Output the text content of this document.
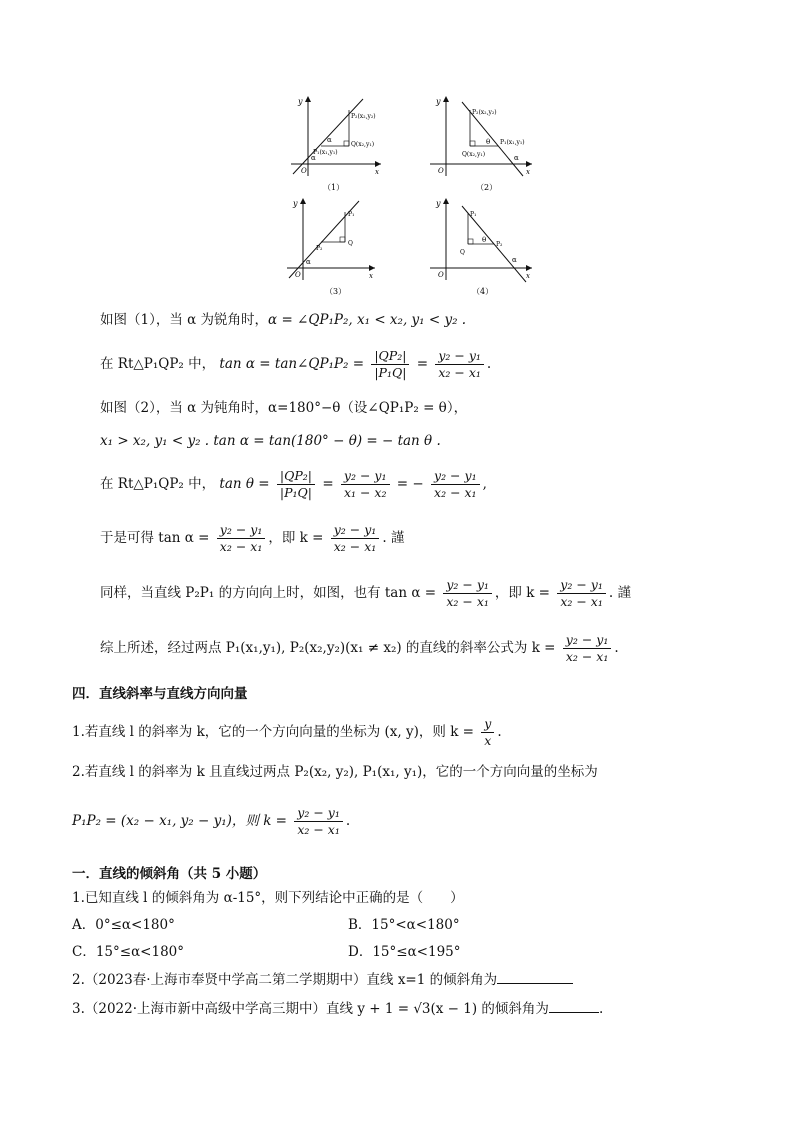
y
O	x
α
α
P₁(x₁,y₁)
P₂(x₂,y₂)
Q(x₂,y₁)
（1）
y
O	x
P₂(x₂,y₂)
θ P₁(x₁,y₁)
Q(x₂,y₁)	α
（2）
y
O	x
α
P₁
P₂
Q
（3）
y
O	x
P₁
Q
θ
P₂
α
（4）
如图（1），当 α 为锐角时，α = ∠QP₁P₂, x₁ < x₂, y₁ < y₂ .
在 Rt△P₁QP₂ 中， tan α = tan∠QP₁P₂ = $\frac{\text{|QP₂|}}{\text{|P₁Q|}} = \frac{\text{y₂ − y₁}}{\text{x₂ − x₁}}$ .
如图（2），当 α 为钝角时，α=180°−θ（设∠QP₁P₂ = θ），
x₁ > x₂, y₁ < y₂ . tan α = tan(180° − θ) = − tan θ .
在 Rt△P₁QP₂ 中， $\tan \theta = \frac{\text{|QP₂|}}{\text{|P₁Q|}} = \frac{\text{y₂ − y₁}}{\text{x₁ − x₂}}$ = − $\frac{\text{y₂ − y₁}}{\text{x₂ − x₁}}$ ,
于是可得 $\tan \alpha = \frac{\text{y₂ − y₁}}{\text{x₂ − x₁}}$ ，即 $k = \frac{\text{y₂ − y₁}}{\text{x₂ − x₁}}$ . 謹
同样，当直线 P₂P₁ 的方向向上时，如图，也有 $\tan \alpha = \frac{\text{y₂ − y₁}}{\text{x₂ − x₁}}$ ，即 $k = \frac{\text{y₂ − y₁}}{\text{x₂ − x₁}}$ . 謹
综上所述，经过两点 P₁(x₁,y₁), P₂(x₂,y₂)(x₁ ≠ x₂) 的直线的斜率公式为 $k = \frac{\text{y₂ − y₁}}{\text{x₂ − x₁}}$ .
四．直线斜率与直线方向向量
1.若直线 l 的斜率为 k，它的一个方向向量的坐标为 (x, y)，则 $k = \frac{y}{x}$ .
2.若直线 l 的斜率为 k 且直线过两点 P₂(x₂, y₂), P₁(x₁, y₁)，它的一个方向向量的坐标为
P₁P₂ = (x₂ − x₁, y₂ − y₁)，则 $k = \frac{\text{y₂ − y₁}}{\text{x₂ − x₁}}$ .
一．直线的倾斜角（共 5 小题）
1.已知直线 l 的倾斜角为 α-15°，则下列结论中正确的是（　　）
A．0°≤α<180°	B．15°<α<180°
C．15°≤α<180°	D．15°≤α<195°
2.（2023春·上海市奉贤中学高二第二学期期中）直线 x=1 的倾斜角为
3.（2022·上海市新中高级中学高三期中）直线 y + 1 = √3(x − 1) 的倾斜角为	.
